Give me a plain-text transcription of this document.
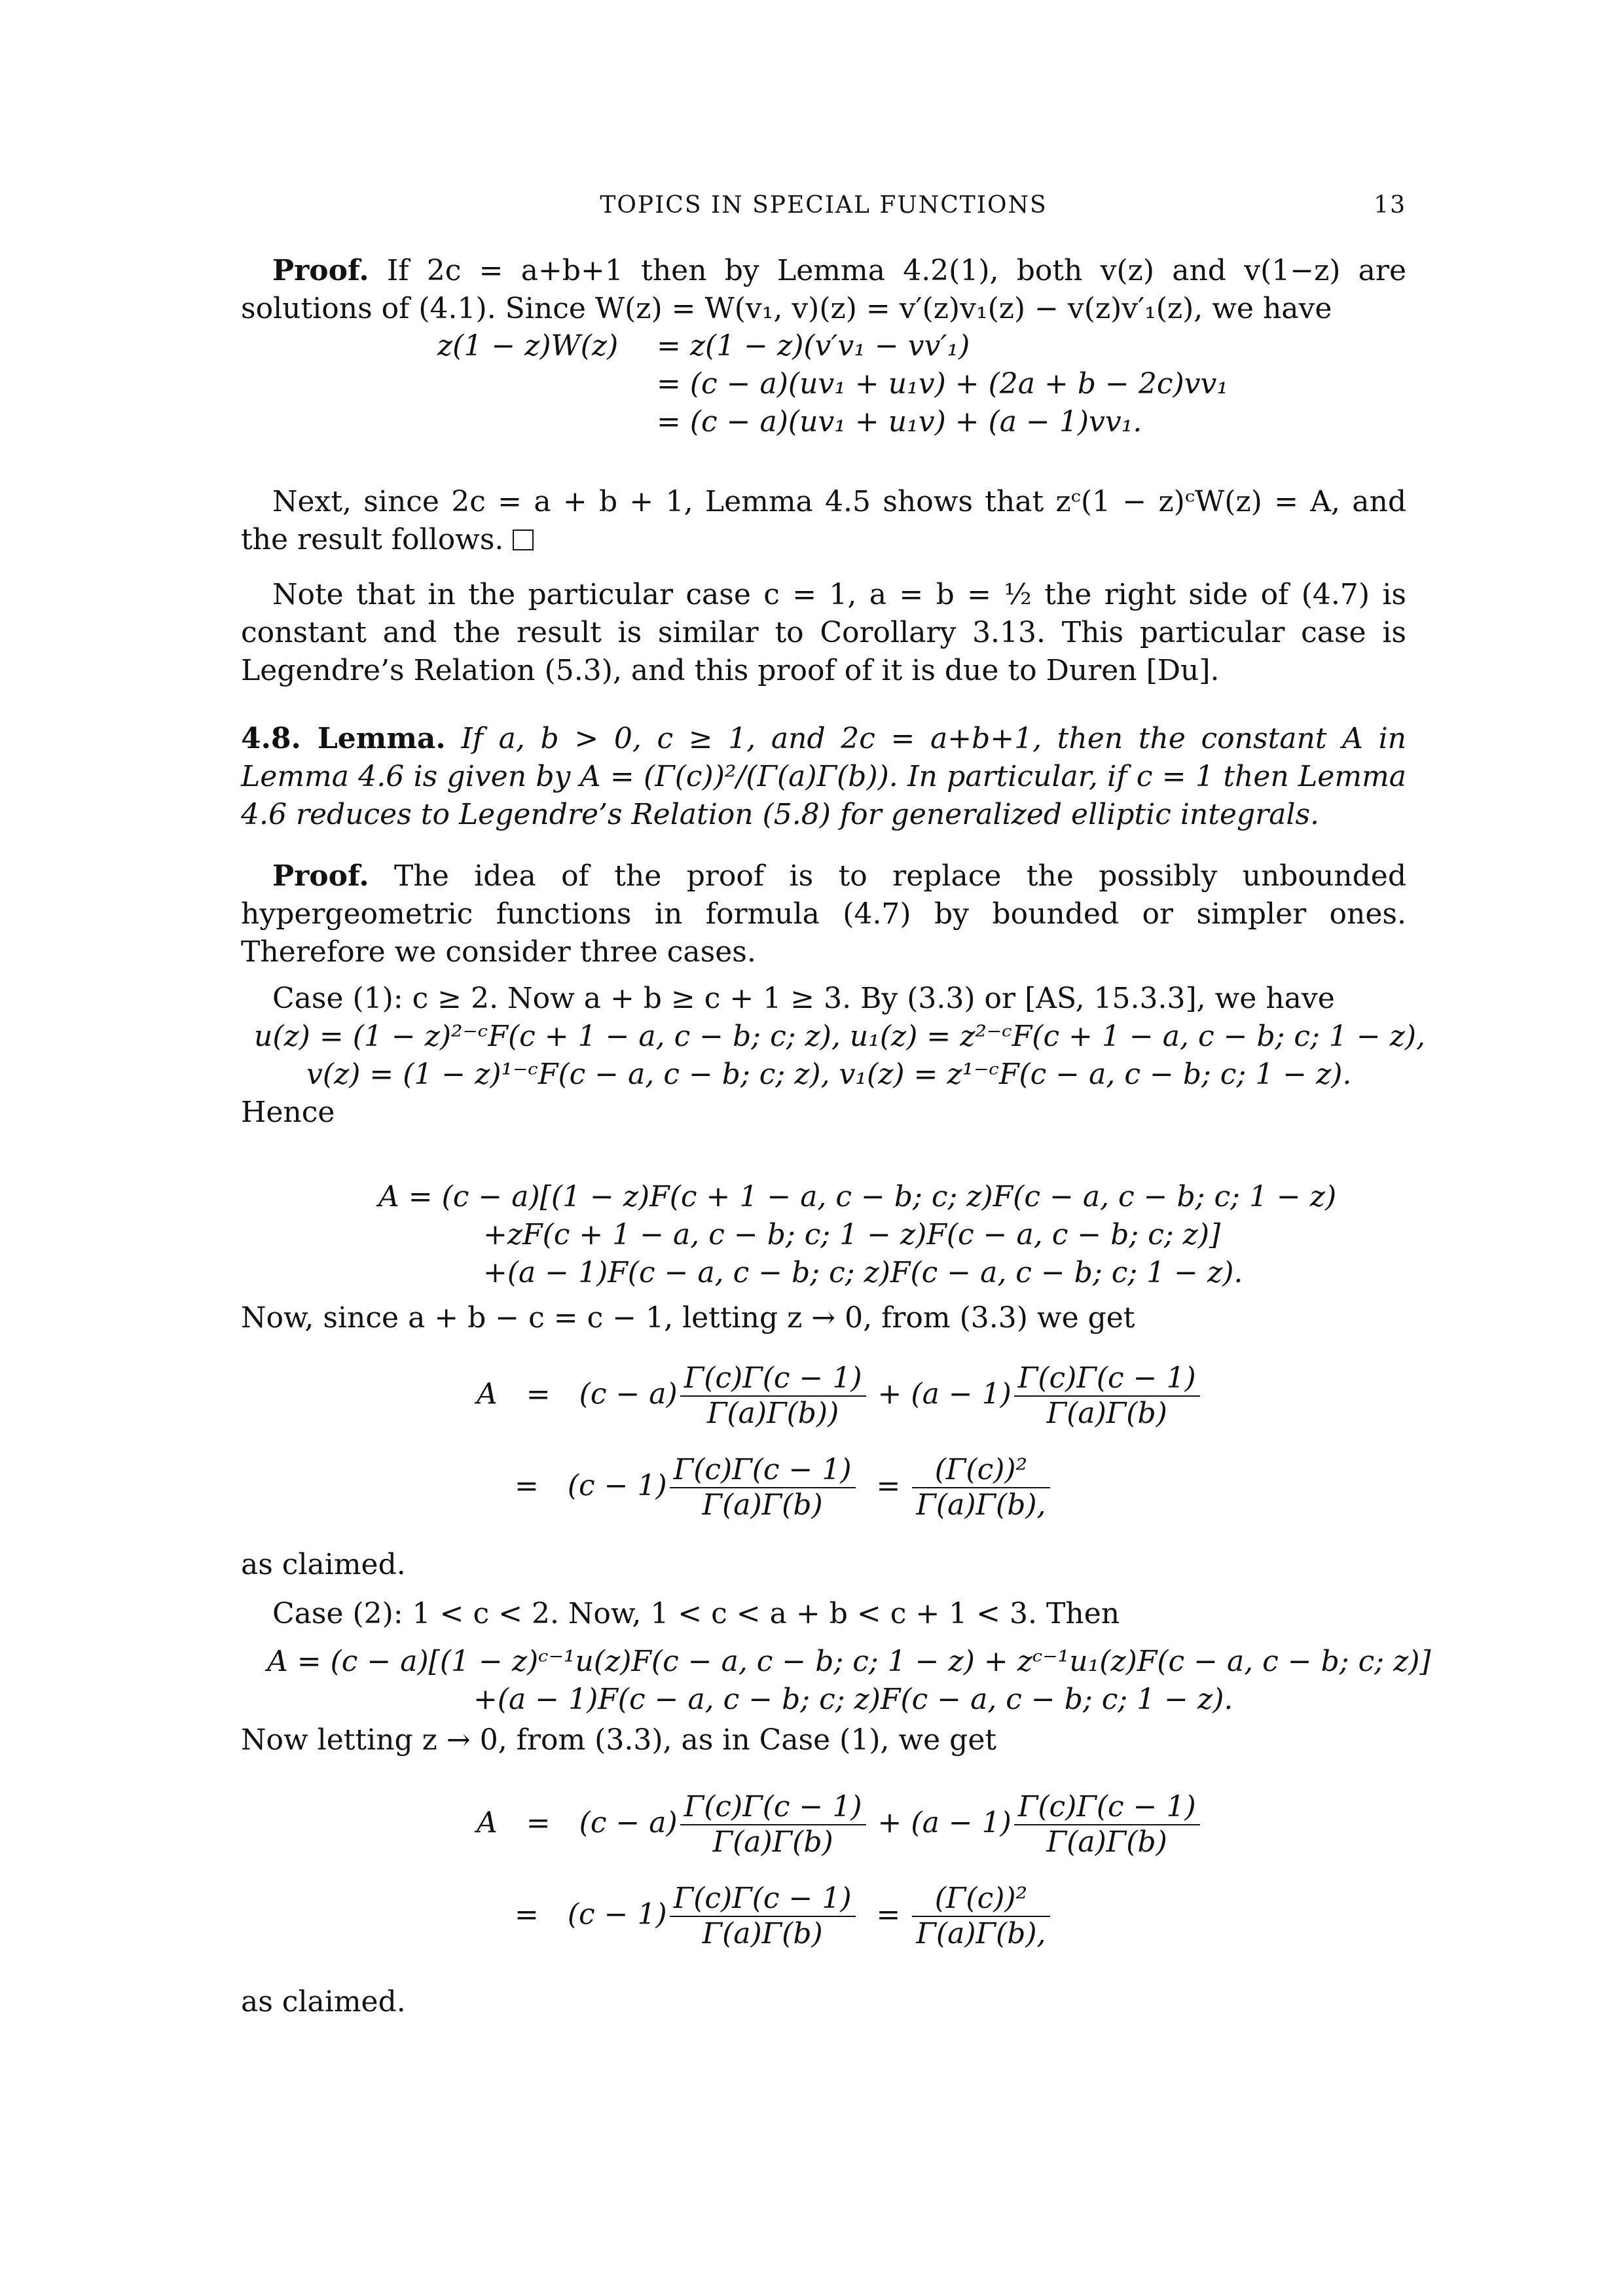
TOPICS IN SPECIAL FUNCTIONS	13
Proof. If 2c = a+b+1 then by Lemma 4.2(1), both v(z) and v(1−z) are solutions of (4.1). Since W(z) = W(v₁, v)(z) = v′(z)v₁(z) − v(z)v′₁(z), we have
z(1 − z)W(z) = z(1 − z)(v′v₁ − vv′₁)
= (c − a)(uv₁ + u₁v) + (2a + b − 2c)vv₁
= (c − a)(uv₁ + u₁v) + (a − 1)vv₁.
Next, since 2c = a + b + 1, Lemma 4.5 shows that zᶜ(1 − z)ᶜW(z) = A, and the result follows.
Note that in the particular case c = 1, a = b = ½ the right side of (4.7) is constant and the result is similar to Corollary 3.13. This particular case is Legendre’s Relation (5.3), and this proof of it is due to Duren [Du].
4.8. Lemma. If a, b > 0, c ≥ 1, and 2c = a+b+1, then the constant A in Lemma 4.6 is given by A = (Γ(c))²/(Γ(a)Γ(b)). In particular, if c = 1 then Lemma 4.6 reduces to Legendre’s Relation (5.8) for generalized elliptic integrals.
Proof. The idea of the proof is to replace the possibly unbounded hypergeometric functions in formula (4.7) by bounded or simpler ones. Therefore we consider three cases.
Case (1): c ≥ 2. Now a + b ≥ c + 1 ≥ 3. By (3.3) or [AS, 15.3.3], we have
u(z) = (1 − z)²⁻ᶜF(c + 1 − a, c − b; c; z), u₁(z) = z²⁻ᶜF(c + 1 − a, c − b; c; 1 − z),
v(z) = (1 − z)¹⁻ᶜF(c − a, c − b; c; z), v₁(z) = z¹⁻ᶜF(c − a, c − b; c; 1 − z).
Hence
A = (c − a)[(1 − z)F(c + 1 − a, c − b; c; z)F(c − a, c − b; c; 1 − z)
+zF(c + 1 − a, c − b; c; 1 − z)F(c − a, c − b; c; z)]
+(a − 1)F(c − a, c − b; c; z)F(c − a, c − b; c; 1 − z).
Now, since a + b − c = c − 1, letting z → 0, from (3.3) we get
$A = (c - a) \frac{\Gamma(c)\Gamma(c - 1)}{\Gamma(a)\Gamma(b))} + (a - 1) \frac{\Gamma(c)\Gamma(c - 1)}{\Gamma(a)\Gamma(b)}$
= $(c - 1) \frac{\Gamma(c)\Gamma(c - 1)}{\Gamma(a)\Gamma(b)} = \frac{\text{(Γ(c))²}}{\Gamma(a)\Gamma(b),}$
as claimed.
Case (2): 1 < c < 2. Now, 1 < c < a + b < c + 1 < 3. Then
A = (c − a)[(1 − z)ᶜ⁻¹u(z)F(c − a, c − b; c; 1 − z) + zᶜ⁻¹u₁(z)F(c − a, c − b; c; z)]
+(a − 1)F(c − a, c − b; c; z)F(c − a, c − b; c; 1 − z).
Now letting z → 0, from (3.3), as in Case (1), we get
$A = (c - a) \frac{\Gamma(c)\Gamma(c - 1)}{\Gamma(a)\Gamma(b)} + (a - 1) \frac{\Gamma(c)\Gamma(c - 1)}{\Gamma(a)\Gamma(b)}$
= $(c - 1) \frac{\Gamma(c)\Gamma(c - 1)}{\Gamma(a)\Gamma(b)} = \frac{\text{(Γ(c))²}}{\Gamma(a)\Gamma(b),}$
as claimed.
